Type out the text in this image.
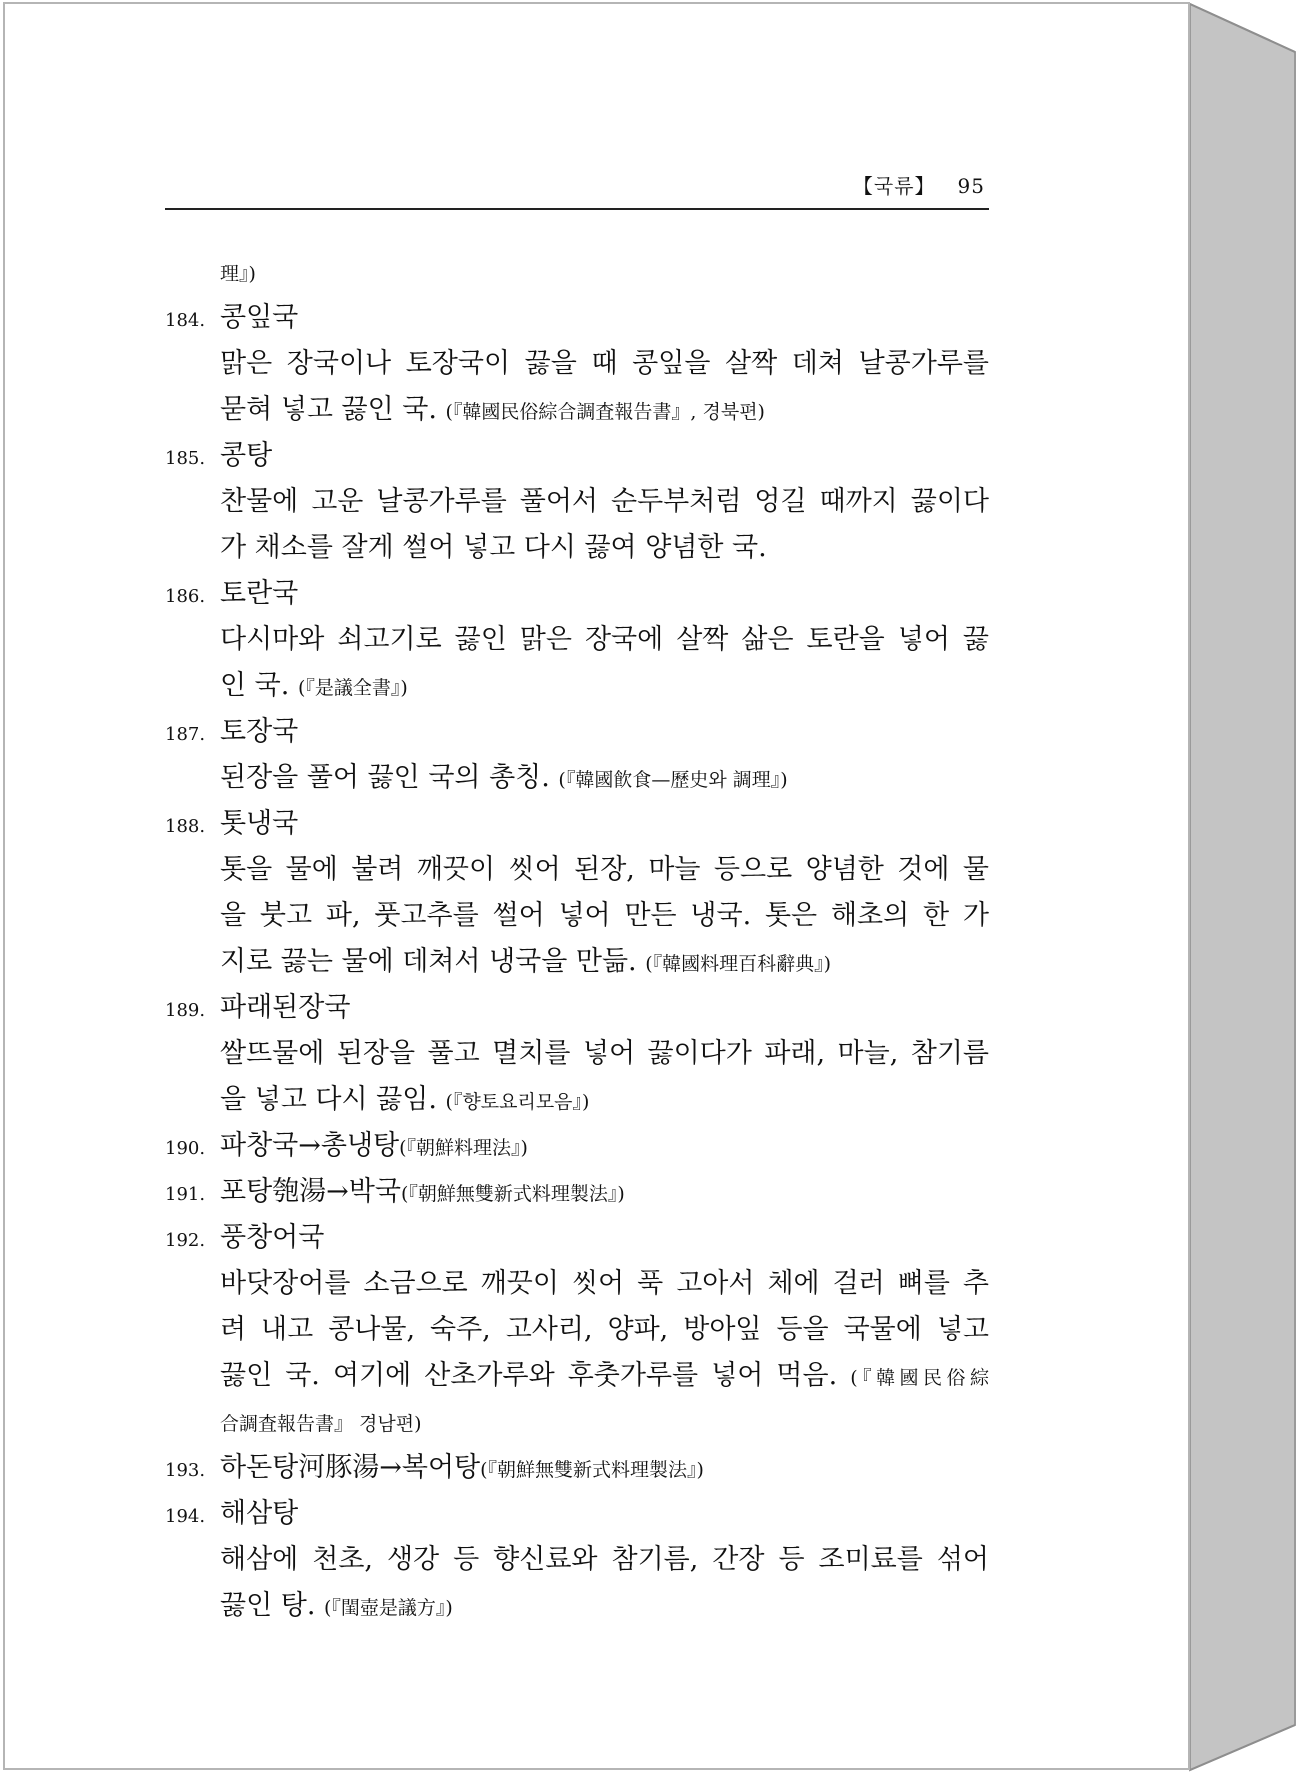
【국류】 95
理』)
184. 콩잎국
맑은 장국이나 토장국이 끓을 때 콩잎을 살짝 데쳐 날콩가루를
묻혀 넣고 끓인 국. (『韓國民俗綜合調査報告書』, 경북편)
185. 콩탕
찬물에 고운 날콩가루를 풀어서 순두부처럼 엉길 때까지 끓이다
가 채소를 잘게 썰어 넣고 다시 끓여 양념한 국.
186. 토란국
다시마와 쇠고기로 끓인 맑은 장국에 살짝 삶은 토란을 넣어 끓
인 국. (『是議全書』)
187. 토장국
된장을 풀어 끓인 국의 총칭. (『韓國飮食—歷史와 調理』)
188. 톳냉국
톳을 물에 불려 깨끗이 씻어 된장, 마늘 등으로 양념한 것에 물
을 붓고 파, 풋고추를 썰어 넣어 만든 냉국. 톳은 해초의 한 가
지로 끓는 물에 데쳐서 냉국을 만듦. (『韓國料理百科辭典』)
189. 파래된장국
쌀뜨물에 된장을 풀고 멸치를 넣어 끓이다가 파래, 마늘, 참기름
을 넣고 다시 끓임. (『향토요리모음』)
190. 파창국→총냉탕(『朝鮮料理法』)
191. 포탕匏湯→박국(『朝鮮無雙新式料理製法』)
192. 풍창어국
바닷장어를 소금으로 깨끗이 씻어 푹 고아서 체에 걸러 뼈를 추
려 내고 콩나물, 숙주, 고사리, 양파, 방아잎 등을 국물에 넣고
끓인 국. 여기에 산초가루와 후춧가루를 넣어 먹음. (『韓國民俗綜
合調査報告書』 경남편)
193. 하돈탕河豚湯→복어탕(『朝鮮無雙新式料理製法』)
194. 해삼탕
해삼에 천초, 생강 등 향신료와 참기름, 간장 등 조미료를 섞어
끓인 탕. (『閨壺是議方』)
